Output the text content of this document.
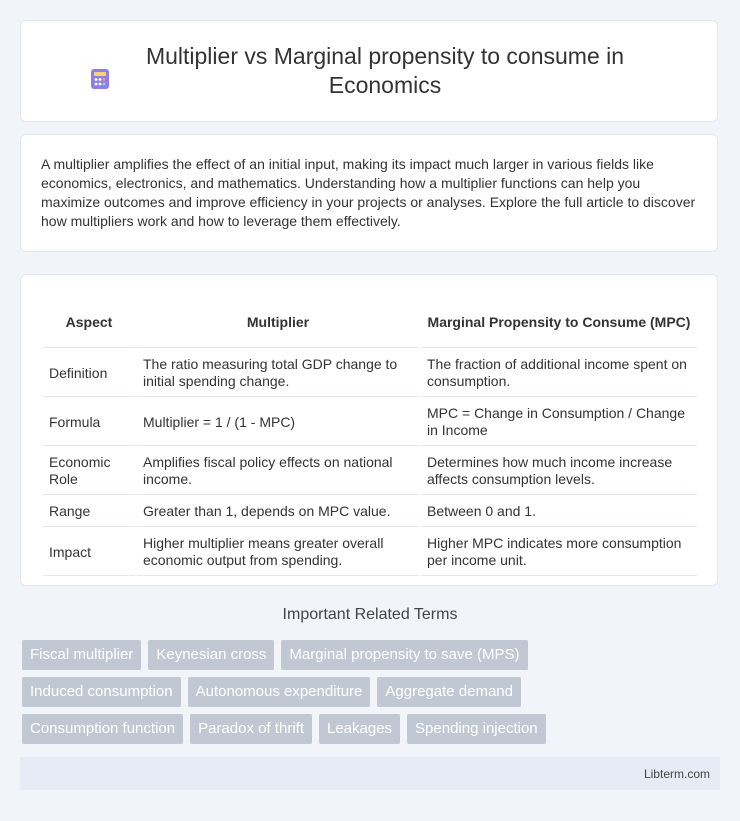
Multiplier vs Marginal propensity to consume in Economics

A multiplier amplifies the effect of an initial input, making its impact much larger in various fields like economics, electronics, and mathematics. Understanding how a multiplier functions can help you maximize outcomes and improve efficiency in your projects or analyses. Explore the full article to discover how multipliers work and how to leverage them effectively.

Aspect	Multiplier	Marginal Propensity to Consume (MPC)
Definition	The ratio measuring total GDP change to initial spending change.	The fraction of additional income spent on consumption.
Formula	Multiplier = 1 / (1 - MPC)	MPC = Change in Consumption / Change in Income
Economic Role	Amplifies fiscal policy effects on national income.	Determines how much income increase affects consumption levels.
Range	Greater than 1, depends on MPC value.	Between 0 and 1.
Impact	Higher multiplier means greater overall economic output from spending.	Higher MPC indicates more consumption per income unit.
Important Related Terms
Fiscal multiplier	Keynesian cross	Marginal propensity to save (MPS)
Induced consumption	Autonomous expenditure	Aggregate demand
Consumption function	Paradox of thrift	Leakages	Spending injection
Libterm.com
